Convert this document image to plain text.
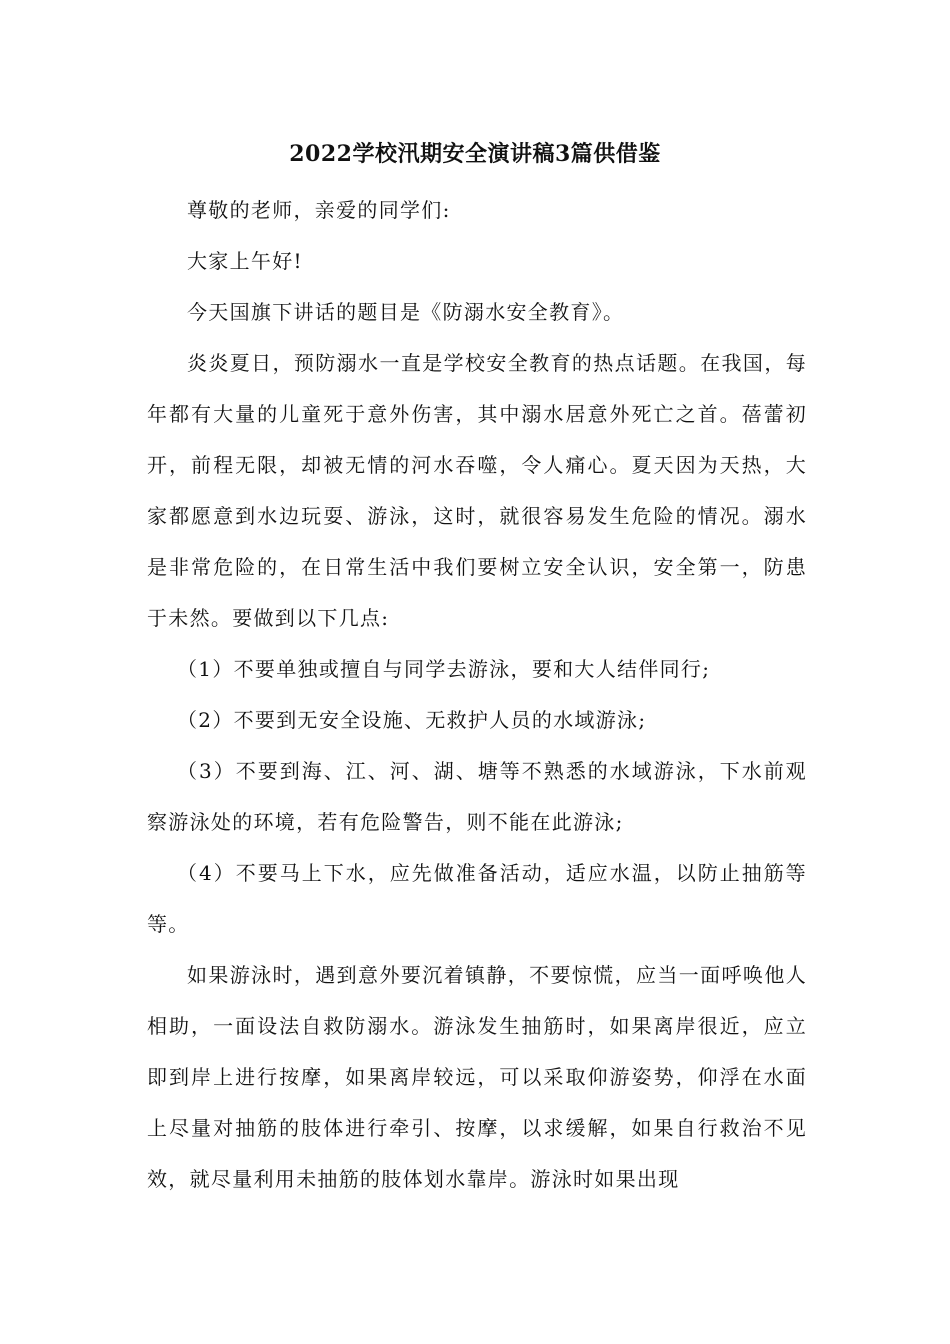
2022学校汛期安全演讲稿3篇供借鉴

尊敬的老师，亲爱的同学们:

大家上午好!

今天国旗下讲话的题目是《防溺水安全教育》。

炎炎夏日，预防溺水一直是学校安全教育的热点话题。在我国，每年都有大量的儿童死于意外伤害，其中溺水居意外死亡之首。蓓蕾初开，前程无限，却被无情的河水吞噬，令人痛心。夏天因为天热，大家都愿意到水边玩耍、游泳，这时，就很容易发生危险的情况。溺水是非常危险的，在日常生活中我们要树立安全认识，安全第一，防患于未然。要做到以下几点:

（1）不要单独或擅自与同学去游泳，要和大人结伴同行;

（2）不要到无安全设施、无救护人员的水域游泳;

（3）不要到海、江、河、湖、塘等不熟悉的水域游泳，下水前观察游泳处的环境，若有危险警告，则不能在此游泳;

（4）不要马上下水，应先做准备活动，适应水温，以防止抽筋等等。

如果游泳时，遇到意外要沉着镇静，不要惊慌，应当一面呼唤他人相助，一面设法自救防溺水。游泳发生抽筋时，如果离岸很近，应立即到岸上进行按摩，如果离岸较远，可以采取仰游姿势，仰浮在水面上尽量对抽筋的肢体进行牵引、按摩，以求缓解，如果自行救治不见效，就尽量利用未抽筋的肢体划水靠岸。游泳时如果出现
